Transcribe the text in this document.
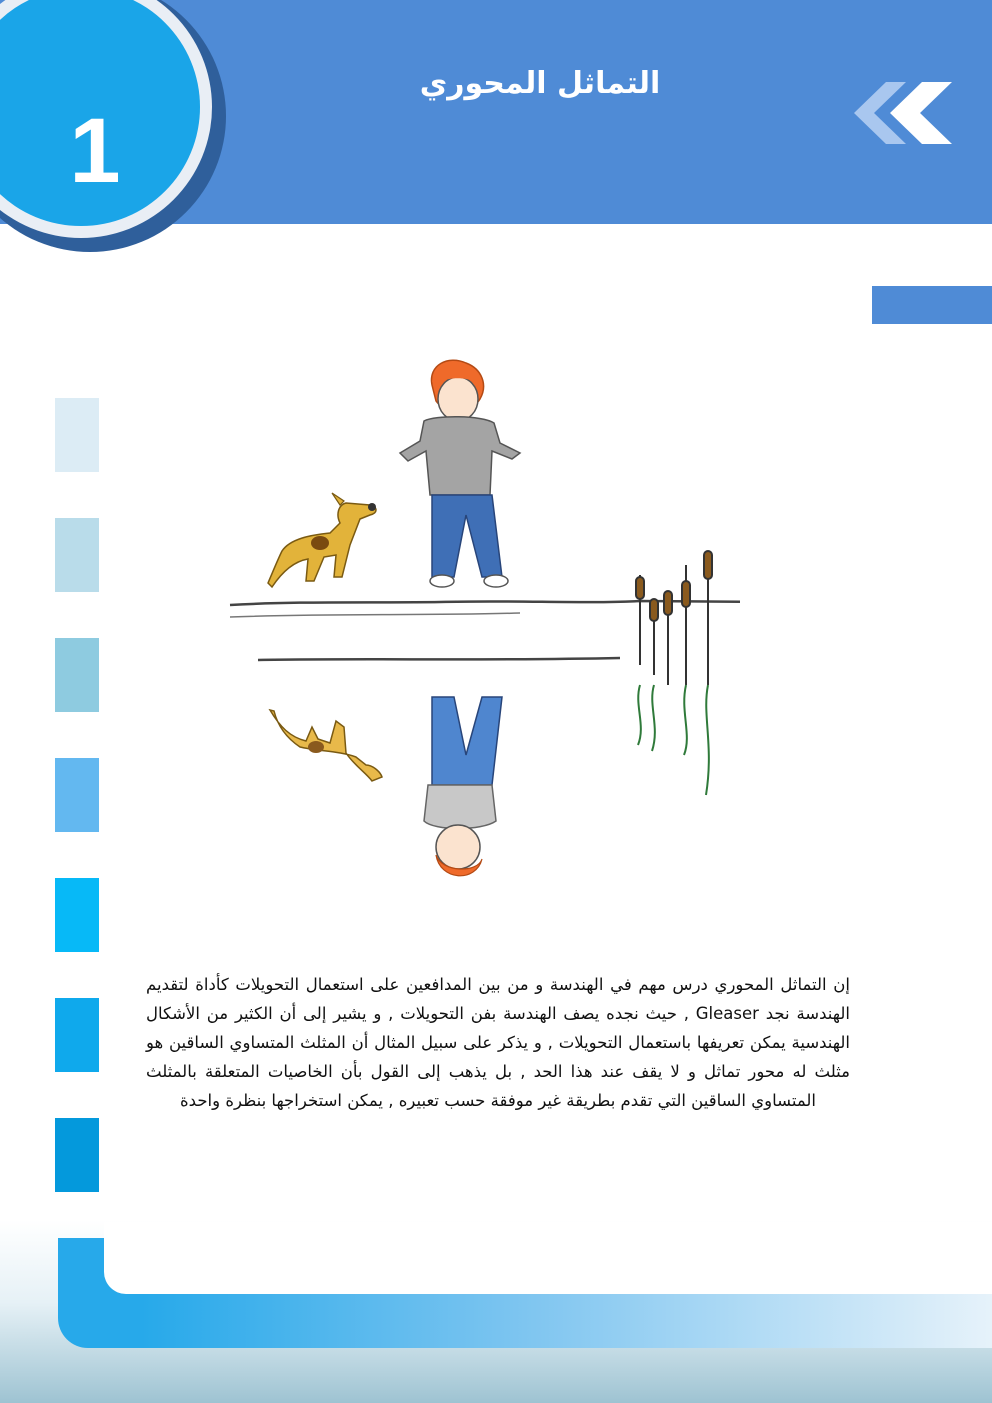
1
التماثل المحوري
إن التماثل المحوري درس مهم في الهندسة و من بين المدافعين على استعمال التحويلات كأداة لتقديم الهندسة نجد Gleaser , حيث نجده يصف الهندسة بفن التحويلات , و يشير إلى أن الكثير من الأشكال الهندسية يمكن تعريفها باستعمال التحويلات , و يذكر على سبيل المثال أن المثلث المتساوي الساقين هو مثلث له محور تماثل و لا يقف عند هذا الحد , بل يذهب إلى القول بأن الخاصيات المتعلقة بالمثلث المتساوي الساقين التي تقدم بطريقة غير موفقة حسب تعبيره , يمكن استخراجها بنظرة واحدة
